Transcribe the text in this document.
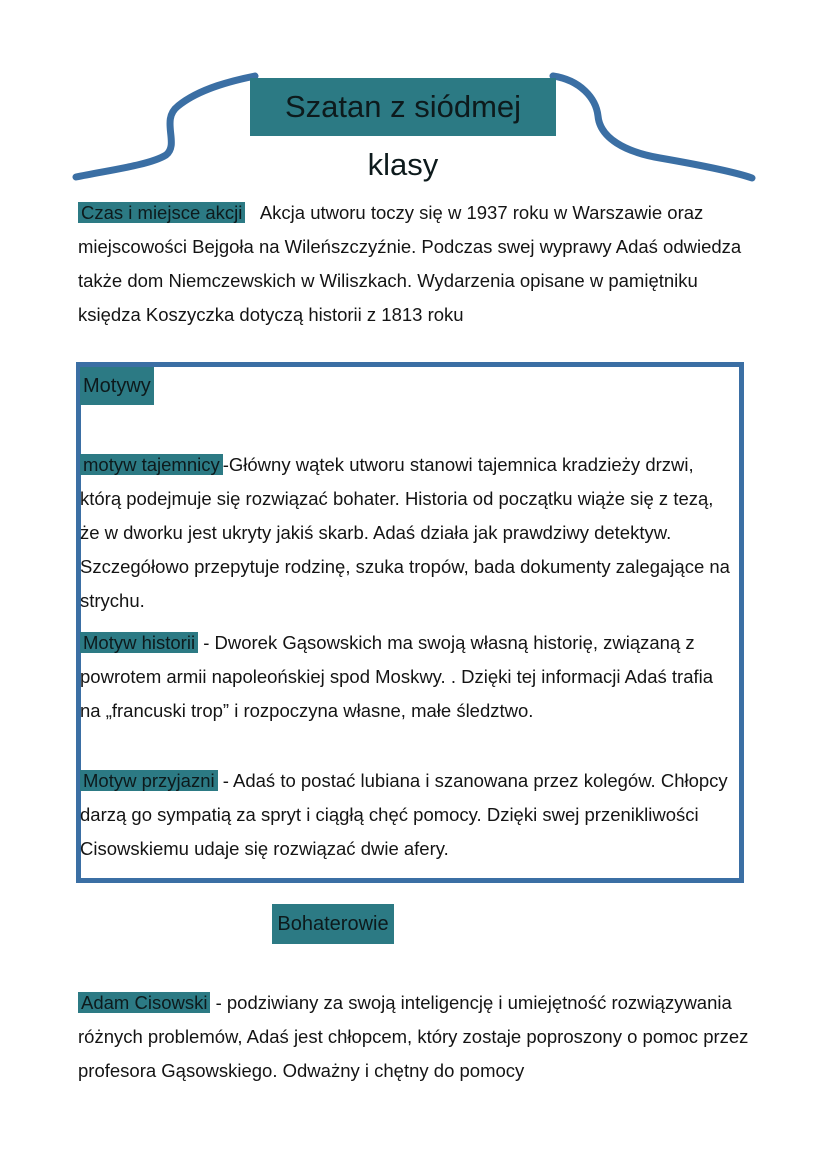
Szatan z siódmej klasy

Czas i miejsce akcji Akcja utworu toczy się w 1937 roku w Warszawie oraz miejscowości Bejgoła na Wileńszczyźnie. Podczas swej wyprawy Adaś odwiedza także dom Niemczewskich w Wiliszkach. Wydarzenia opisane w pamiętniku księdza Koszyczka dotyczą historii z 1813 roku

Motywy

motyw tajemnicy -Główny wątek utworu stanowi tajemnica kradzieży drzwi, którą podejmuje się rozwiązać bohater. Historia od początku wiąże się z tezą, że w dworku jest ukryty jakiś skarb. Adaś działa jak prawdziwy detektyw. Szczegółowo przepytuje rodzinę, szuka tropów, bada dokumenty zalegające na strychu.

Motyw historii - Dworek Gąsowskich ma swoją własną historię, związaną z powrotem armii napoleońskiej spod Moskwy. . Dzięki tej informacji Adaś trafia na „francuski trop” i rozpoczyna własne, małe śledztwo.

Motyw przyjazni - Adaś to postać lubiana i szanowana przez kolegów. Chłopcy darzą go sympatią za spryt i ciągłą chęć pomocy. Dzięki swej przenikliwości Cisowskiemu udaje się rozwiązać dwie afery.

Bohaterowie

Adam Cisowski - podziwiany za swoją inteligencję i umiejętność rozwiązywania różnych problemów, Adaś jest chłopcem, który zostaje poproszony o pomoc przez profesora Gąsowskiego. Odważny i chętny do pomocy
